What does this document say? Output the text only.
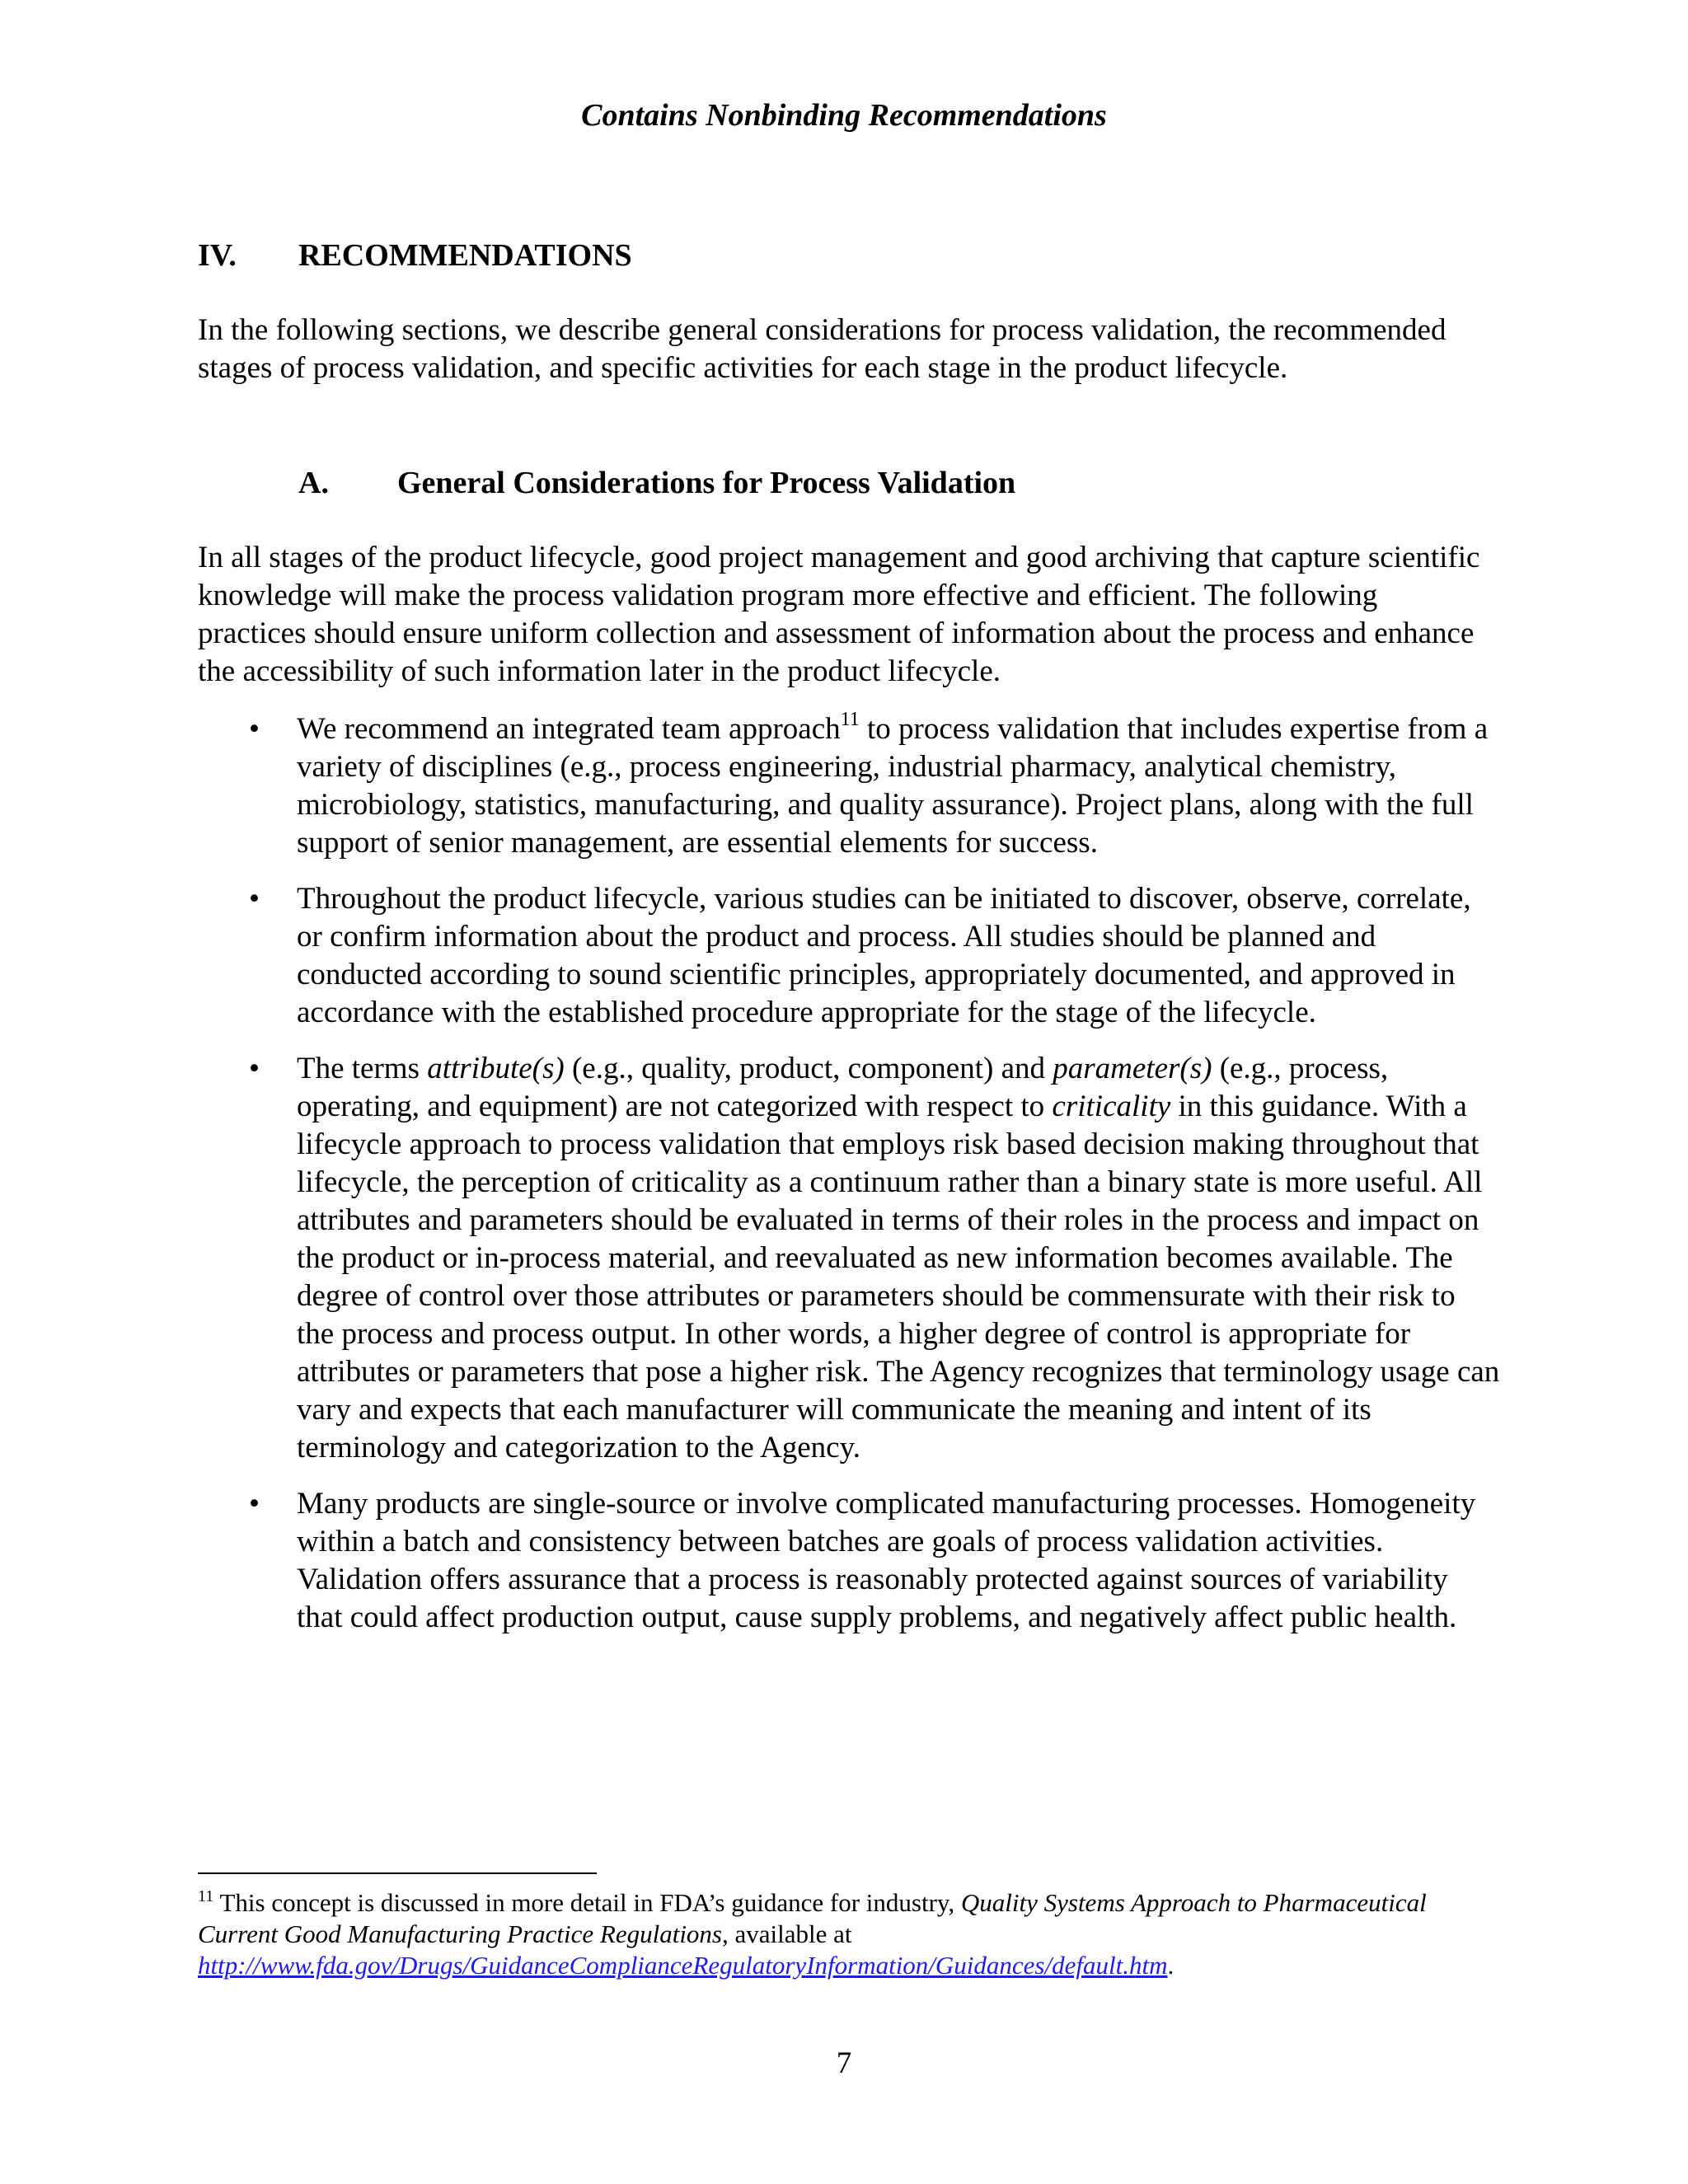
Contains Nonbinding Recommendations
IV. RECOMMENDATIONS
In the following sections, we describe general considerations for process validation, the recommended stages of process validation, and specific activities for each stage in the product lifecycle.
A. General Considerations for Process Validation
In all stages of the product lifecycle, good project management and good archiving that capture scientific knowledge will make the process validation program more effective and efficient. The following practices should ensure uniform collection and assessment of information about the process and enhance the accessibility of such information later in the product lifecycle.
• We recommend an integrated team approach$^{11}$ to process validation that includes expertise from a variety of disciplines (e.g., process engineering, industrial pharmacy, analytical chemistry, microbiology, statistics, manufacturing, and quality assurance). Project plans, along with the full support of senior management, are essential elements for success.
• Throughout the product lifecycle, various studies can be initiated to discover, observe, correlate, or confirm information about the product and process. All studies should be planned and conducted according to sound scientific principles, appropriately documented, and approved in accordance with the established procedure appropriate for the stage of the lifecycle.
• The terms attribute(s) (e.g., quality, product, component) and parameter(s) (e.g., process, operating, and equipment) are not categorized with respect to criticality in this guidance. With a lifecycle approach to process validation that employs risk based decision making throughout that lifecycle, the perception of criticality as a continuum rather than a binary state is more useful. All attributes and parameters should be evaluated in terms of their roles in the process and impact on the product or in-process material, and reevaluated as new information becomes available. The degree of control over those attributes or parameters should be commensurate with their risk to the process and process output. In other words, a higher degree of control is appropriate for attributes or parameters that pose a higher risk. The Agency recognizes that terminology usage can vary and expects that each manufacturer will communicate the meaning and intent of its terminology and categorization to the Agency.
• Many products are single-source or involve complicated manufacturing processes. Homogeneity within a batch and consistency between batches are goals of process validation activities. Validation offers assurance that a process is reasonably protected against sources of variability that could affect production output, cause supply problems, and negatively affect public health.
$^{11}$ This concept is discussed in more detail in FDA’s guidance for industry, Quality Systems Approach to Pharmaceutical Current Good Manufacturing Practice Regulations, available at http://www.fda.gov/Drugs/GuidanceComplianceRegulatoryInformation/Guidances/default.htm.
7
